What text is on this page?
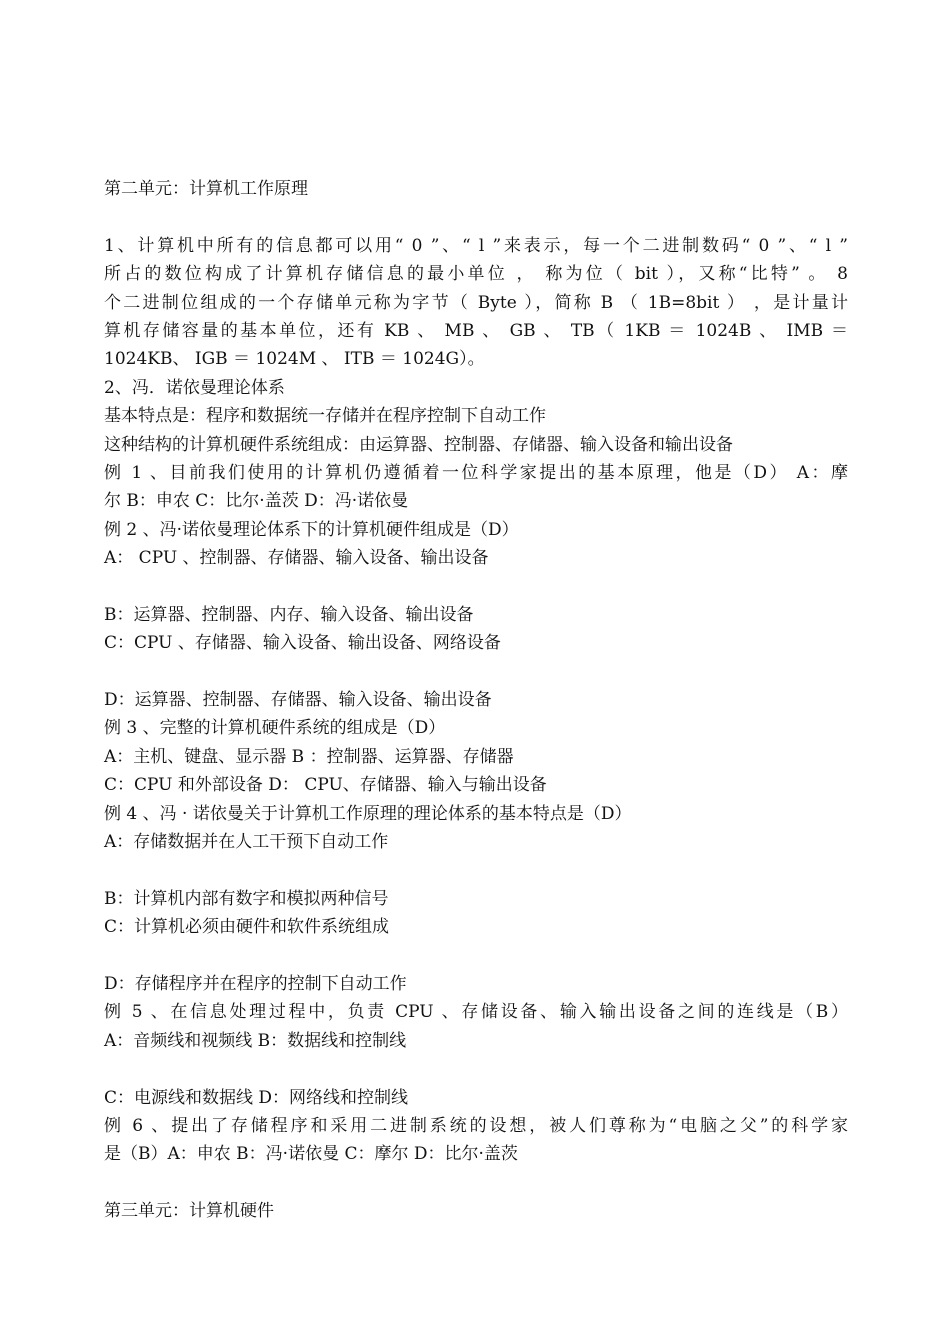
第二单元：计算机工作原理
1、计算机中所有的信息都可以用“ 0 ”、“ l ”来表示，每一个二进制数码“ 0 ”、“ l ”
所占的数位构成了计算机存储信息的最小单位 ， 称为位（ bit ），又称“比特” 。 8
个二进制位组成的一个存储单元称为字节（ Byte ），简称 B （ 1B=8bit ） ，是计量计
算机存储容量的基本单位，还有 KB 、 MB 、 GB 、 TB（ 1KB ＝ 1024B 、 IMB ＝
1024KB、 IGB ＝ 1024M 、 ITB ＝ 1024G）。
2、冯．诺依曼理论体系
基本特点是：程序和数据统一存储并在程序控制下自动工作
这种结构的计算机硬件系统组成：由运算器、控制器、存储器、输入设备和输出设备
例 1 、目前我们使用的计算机仍遵循着一位科学家提出的基本原理，他是（D） A：摩
尔 B：申农 C：比尔·盖茨 D：冯·诺依曼
例 2 、冯·诺依曼理论体系下的计算机硬件组成是（D）
A： CPU 、控制器、存储器、输入设备、输出设备
B：运算器、控制器、内存、输入设备、输出设备
C：CPU 、存储器、输入设备、输出设备、网络设备
D：运算器、控制器、存储器、输入设备、输出设备
例 3 、完整的计算机硬件系统的组成是（D）
A：主机、键盘、显示器 B ：控制器、运算器、存储器
C：CPU 和外部设备 D： CPU、存储器、输入与输出设备
例 4 、冯 · 诺依曼关于计算机工作原理的理论体系的基本特点是（D）
A：存储数据并在人工干预下自动工作
B：计算机内部有数字和模拟两种信号
C：计算机必须由硬件和软件系统组成
D：存储程序并在程序的控制下自动工作
例 5 、在信息处理过程中，负责 CPU 、存储设备、输入输出设备之间的连线是（B）
A：音频线和视频线 B：数据线和控制线
C：电源线和数据线 D：网络线和控制线
例 6 、提出了存储程序和采用二进制系统的设想，被人们尊称为“电脑之父”的科学家
是（B）A：申农 B：冯·诺依曼 C：摩尔 D：比尔·盖茨
第三单元：计算机硬件
